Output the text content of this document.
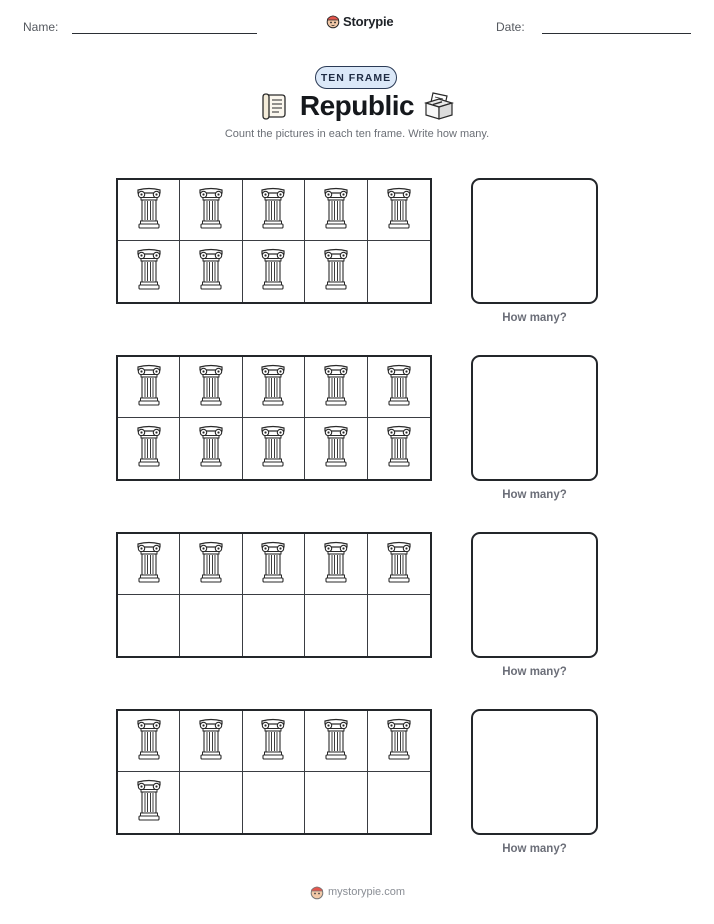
Name:	Storypie	Date:
TEN FRAME
Republic
Count the pictures in each ten frame. Write how many.
How many?
How many?
How many?
How many?
mystorypie.com
